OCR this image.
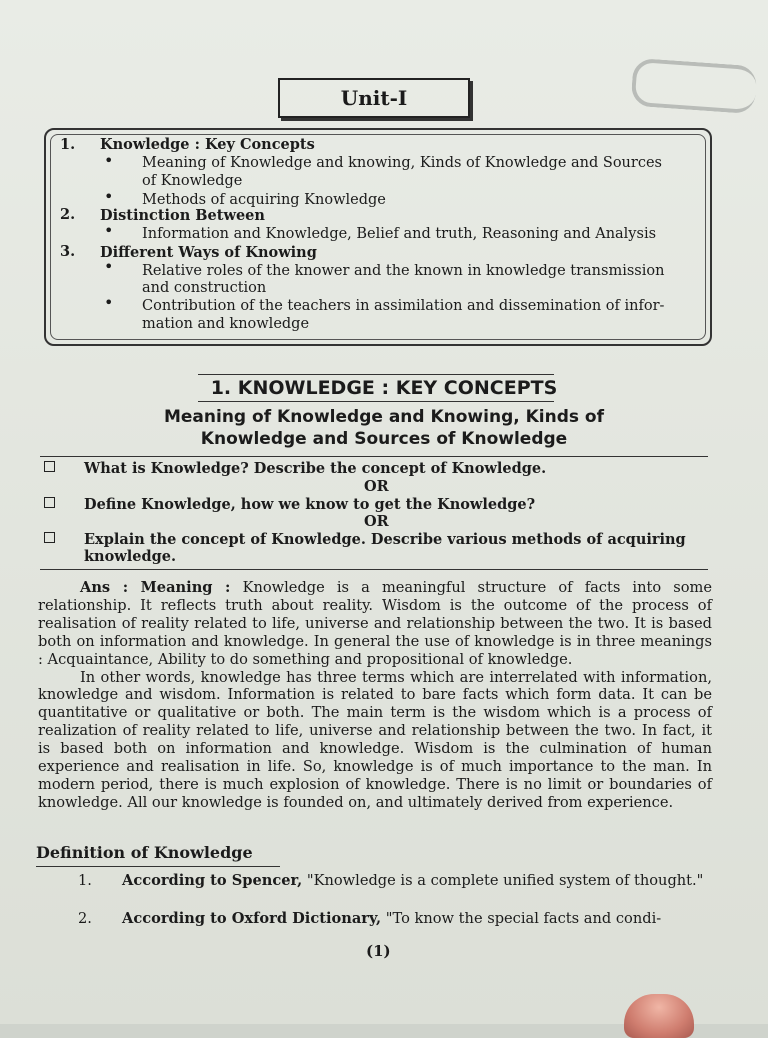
Unit-I
1. Knowledge : Key Concepts
• Meaning of Knowledge and knowing, Kinds of Knowledge and Sources
of Knowledge
• Methods of acquiring Knowledge
2. Distinction Between
• Information and Knowledge, Belief and truth, Reasoning and Analysis
3. Different Ways of Knowing
• Relative roles of the knower and the known in knowledge transmission
and construction
• Contribution of the teachers in assimilation and dissemination of infor-
mation and knowledge
1. KNOWLEDGE : KEY CONCEPTS
Meaning of Knowledge and Knowing, Kinds of
Knowledge and Sources of Knowledge
What is Knowledge? Describe the concept of Knowledge.
OR
Define Knowledge, how we know to get the Knowledge?
OR
Explain the concept of Knowledge. Describe various methods of acquiring
knowledge.

Ans : Meaning : Knowledge is a meaningful structure of facts into some relationship. It reflects truth about reality. Wisdom is the outcome of the process of realisation of reality related to life, universe and relationship between the two. It is based both on information and knowledge. In general the use of knowledge is in three meanings : Acquaintance, Ability to do something and propositional of knowledge.

In other words, knowledge has three terms which are interrelated with information, knowledge and wisdom. Information is related to bare facts which form data. It can be quantitative or qualitative or both. The main term is the wisdom which is a process of realization of reality related to life, universe and relationship between the two. In fact, it is based both on information and knowledge. Wisdom is the culmination of human experience and realisation in life. So, knowledge is of much importance to the man. In modern period, there is much explosion of knowledge. There is no limit or boundaries of knowledge. All our knowledge is founded on, and ultimately derived from experience.

Definition of Knowledge
1. According to Spencer, "Knowledge is a complete unified system of thought."
2. According to Oxford Dictionary, "To know the special facts and condi-
(1)
